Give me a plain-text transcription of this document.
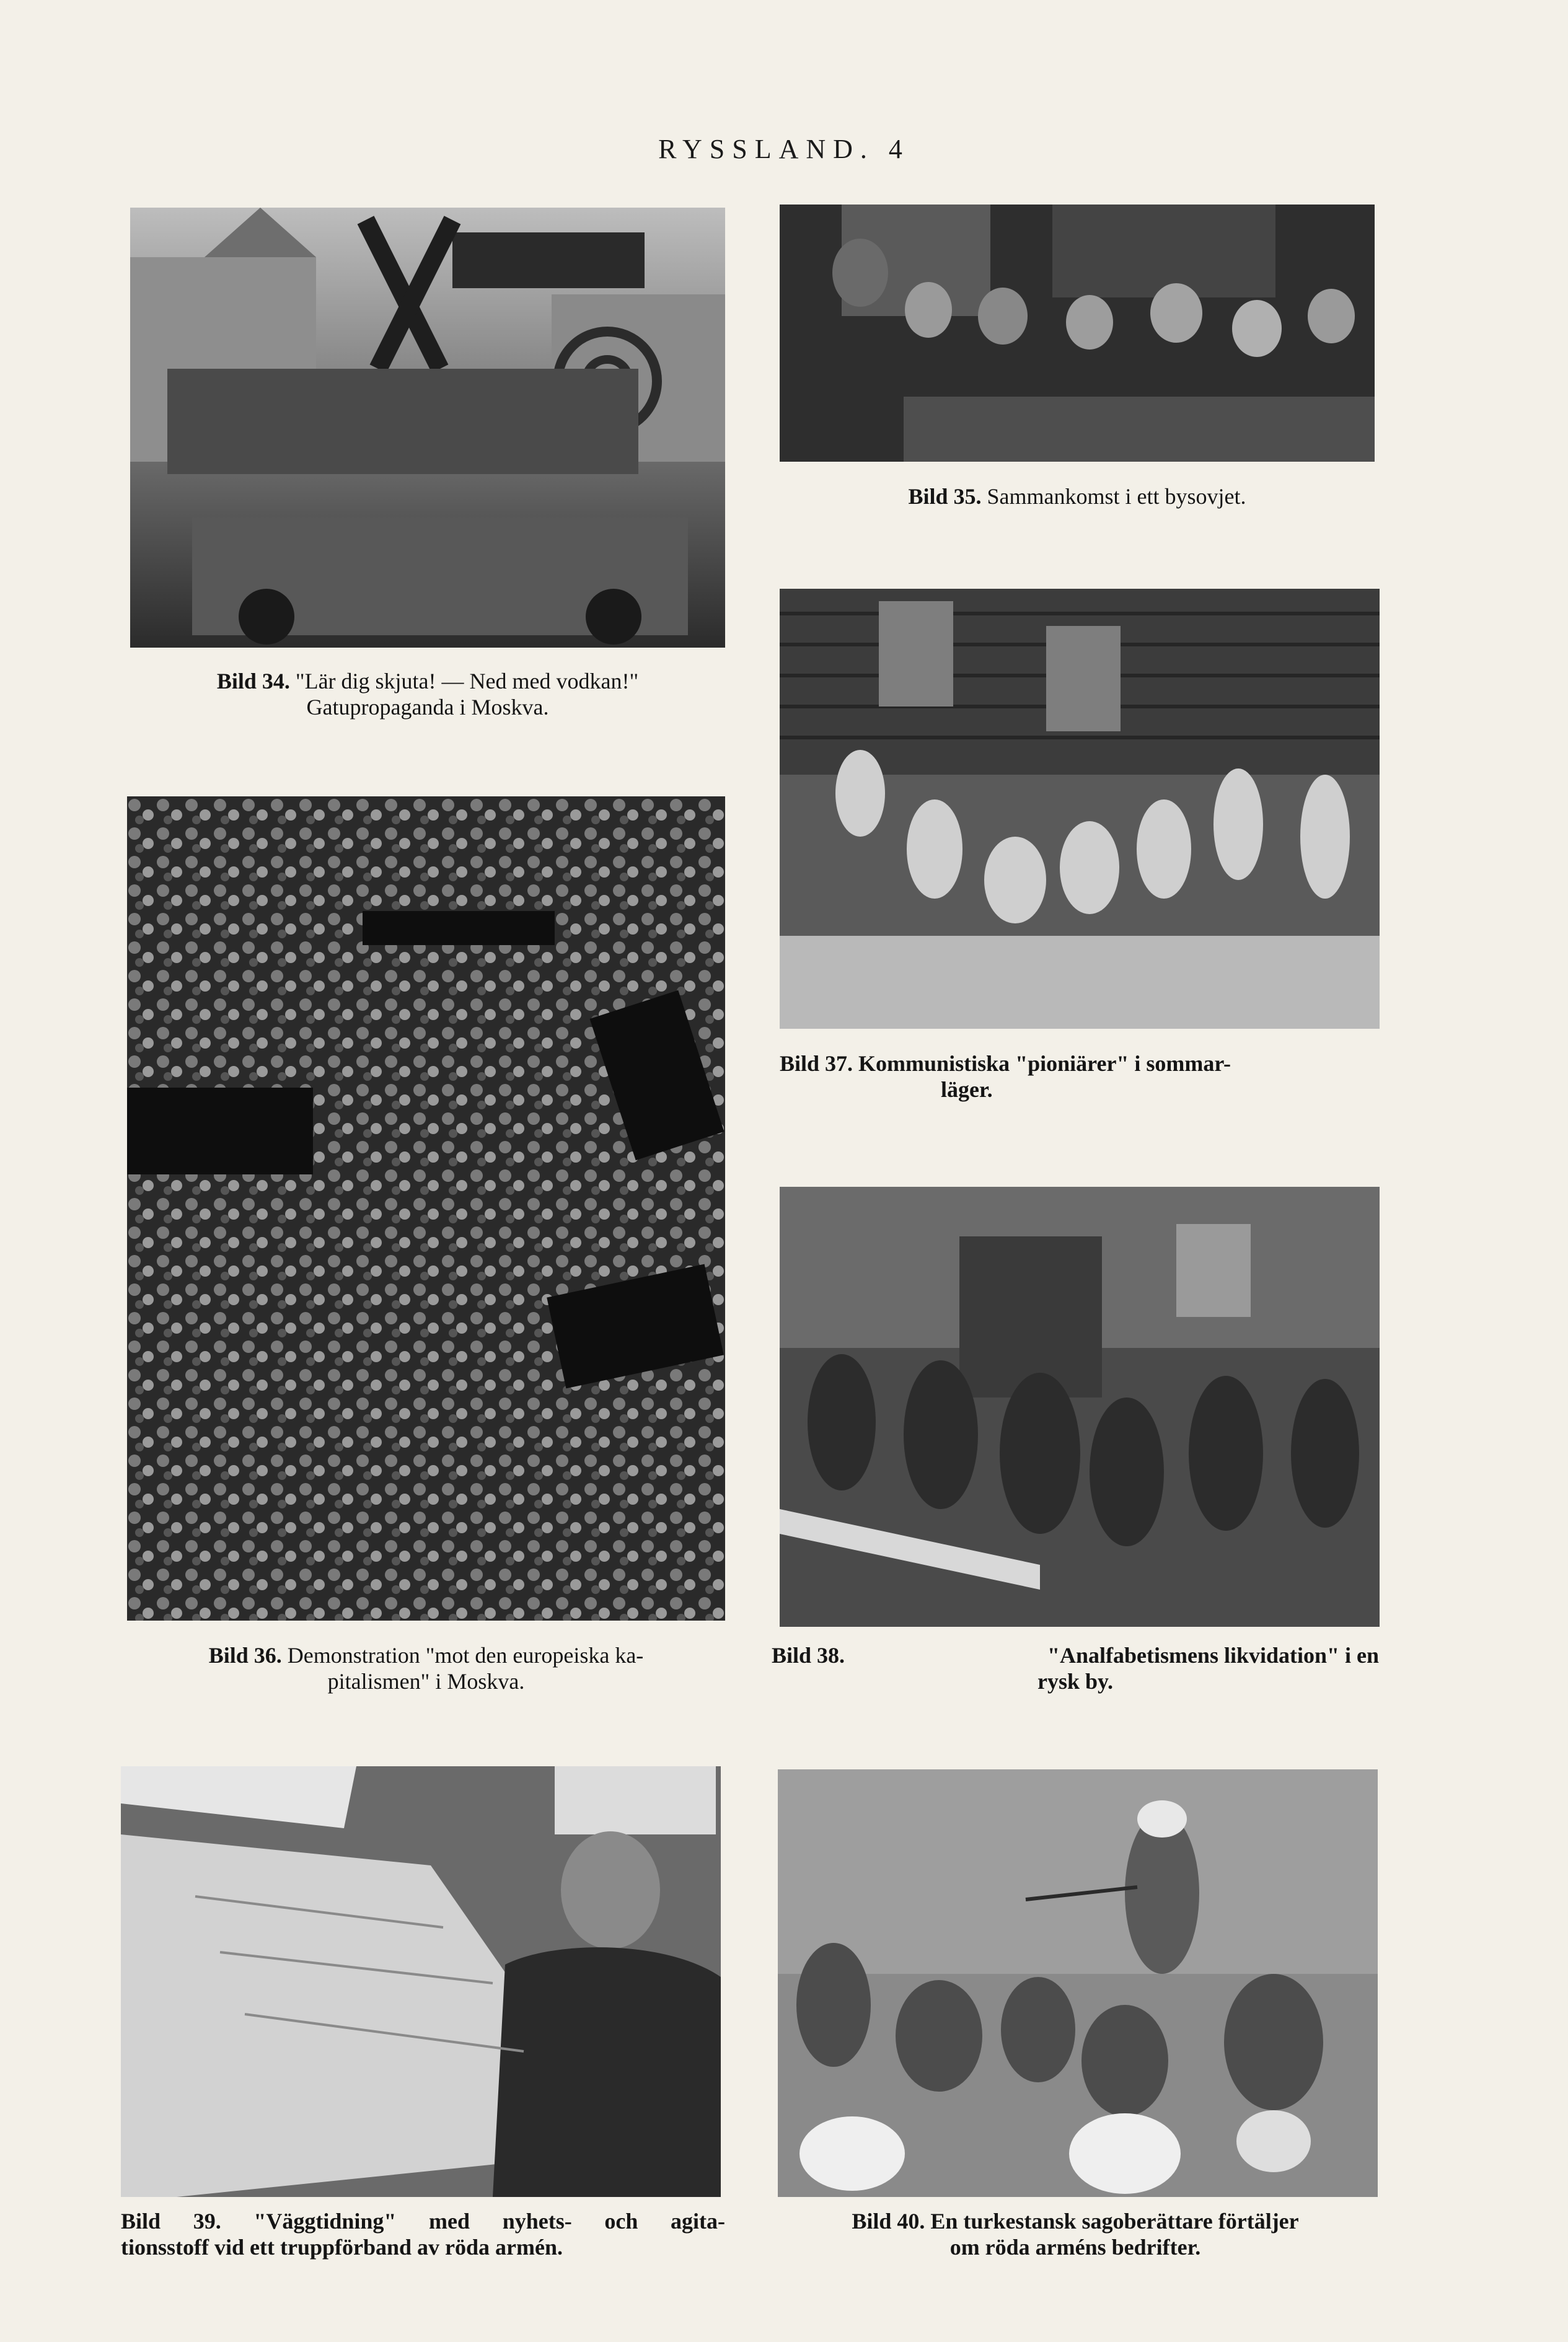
RYSSLAND. 4
Bild 34. "Lär dig skjuta! — Ned med vodkan!"
Gatupropaganda i Moskva.
Bild 35. Sammankomst i ett bysovjet.
Bild 36. Demonstration "mot den europeiska ka-
pitalismen" i Moskva.
Bild 37. Kommunistiska "pioniärer" i sommar-
läger.
Bild 38.	"Analfabetismens likvidation" i en
rysk by.
Bild 39. "Väggtidning" med nyhets- och agita-
tionsstoff vid ett truppförband av röda armén.
Bild 40. En turkestansk sagoberättare förtäljer
om röda arméns bedrifter.
